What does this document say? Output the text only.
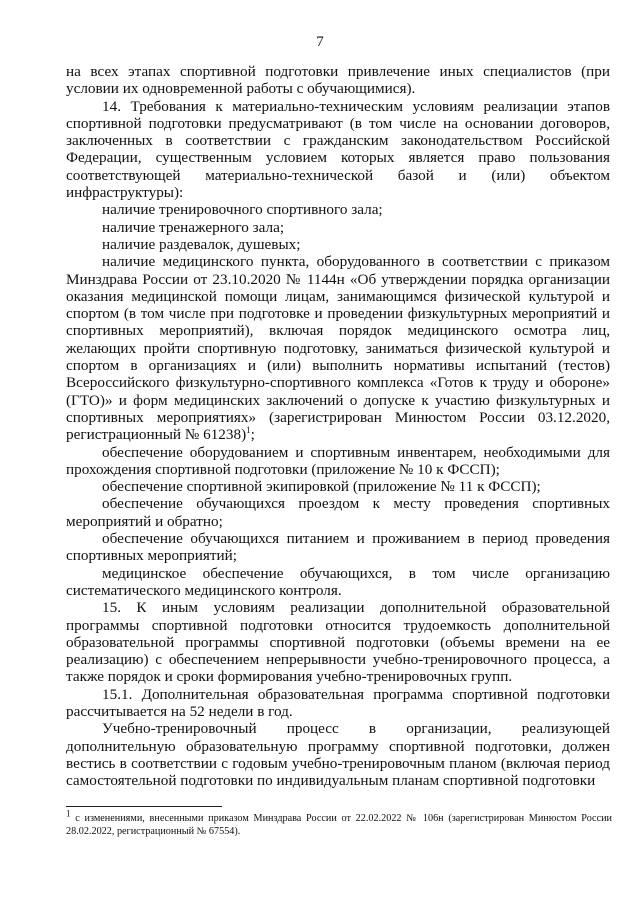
7

на всех этапах спортивной подготовки привлечение иных специалистов (при условии их одновременной работы с обучающимися).

14. Требования к материально-техническим условиям реализации этапов спортивной подготовки предусматривают (в том числе на основании договоров, заключенных в соответствии с гражданским законодательством Российской Федерации, существенным условием которых является право пользования соответствующей материально-технической базой и (или) объектом инфраструктуры):

наличие тренировочного спортивного зала;

наличие тренажерного зала;

наличие раздевалок, душевых;

наличие медицинского пункта, оборудованного в соответствии с приказом Минздрава России от 23.10.2020 № 1144н «Об утверждении порядка организации оказания медицинской помощи лицам, занимающимся физической культурой и спортом (в том числе при подготовке и проведении физкультурных мероприятий и спортивных мероприятий), включая порядок медицинского осмотра лиц, желающих пройти спортивную подготовку, заниматься физической культурой и спортом в организациях и (или) выполнить нормативы испытаний (тестов) Всероссийского физкультурно-спортивного комплекса «Готов к труду и обороне» (ГТО)» и форм медицинских заключений о допуске к участию физкультурных и спортивных мероприятиях» (зарегистрирован Минюстом России 03.12.2020, регистрационный № 61238)$^1$;

обеспечение оборудованием и спортивным инвентарем, необходимыми для прохождения спортивной подготовки (приложение № 10 к ФССП);

обеспечение спортивной экипировкой (приложение № 11 к ФССП);

обеспечение обучающихся проездом к месту проведения спортивных мероприятий и обратно;

обеспечение обучающихся питанием и проживанием в период проведения спортивных мероприятий;

медицинское обеспечение обучающихся, в том числе организацию систематического медицинского контроля.

15. К иным условиям реализации дополнительной образовательной программы спортивной подготовки относится трудоемкость дополнительной образовательной программы спортивной подготовки (объемы времени на ее реализацию) с обеспечением непрерывности учебно-тренировочного процесса, а также порядок и сроки формирования учебно-тренировочных групп.

15.1. Дополнительная образовательная программа спортивной подготовки рассчитывается на 52 недели в год.

Учебно-тренировочный процесс в организации, реализующей дополнительную образовательную программу спортивной подготовки, должен вестись в соответствии с годовым учебно-тренировочным планом (включая период самостоятельной подготовки по индивидуальным планам спортивной подготовки

1 с изменениями, внесенными приказом Минздрава России от 22.02.2022 № 106н (зарегистрирован Минюстом России 28.02.2022, регистрационный № 67554).
